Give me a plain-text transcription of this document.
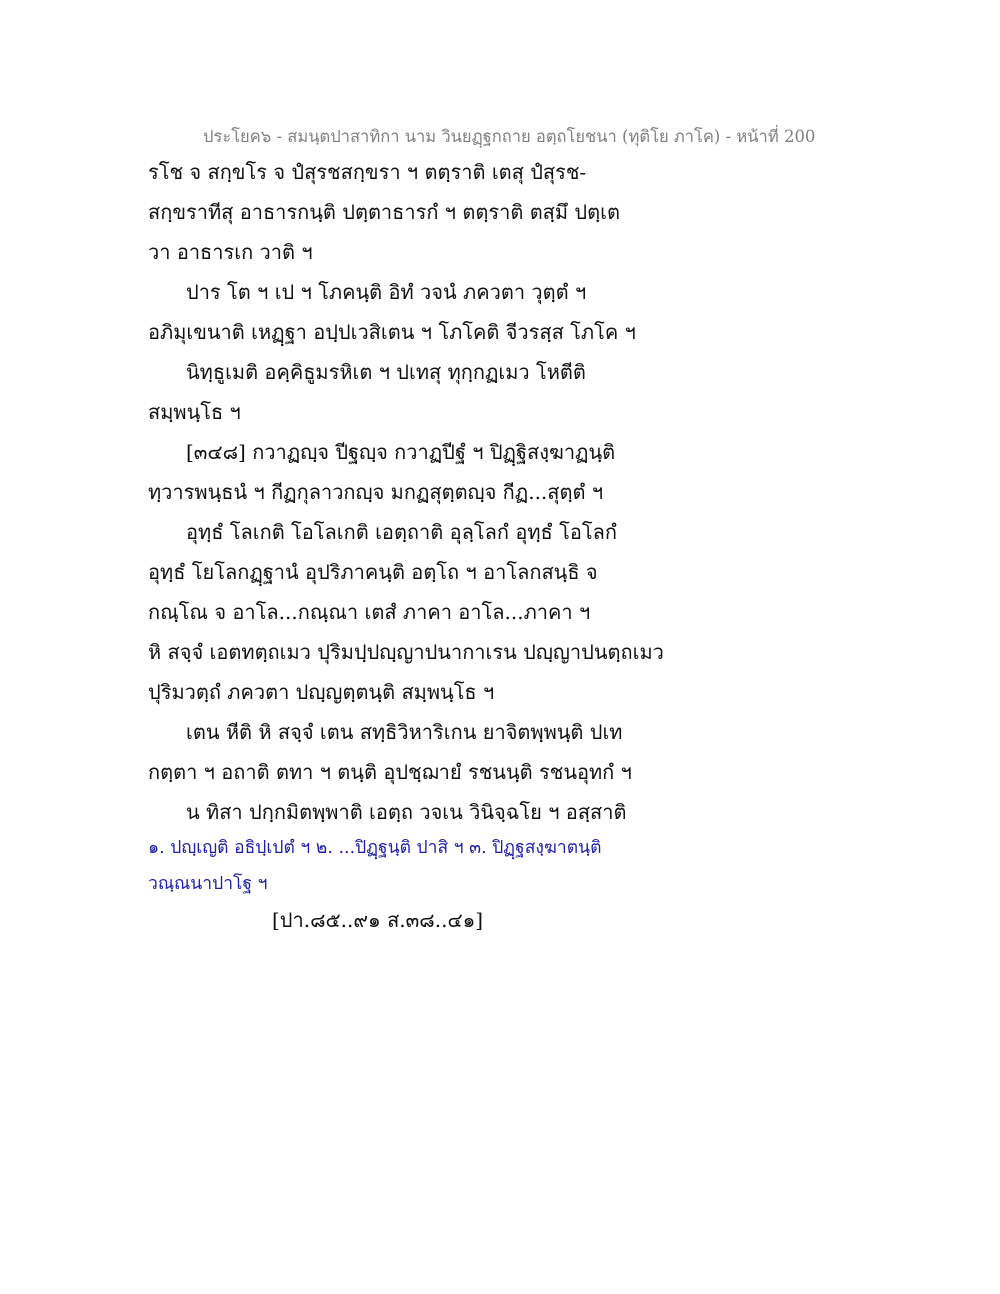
ประโยค๖ - สมนฺตปาสาทิกา นาม วินยฏฺฐกถาย อตฺถโยชนา (ทุติโย ภาโค) - หน้าที่ 200
รโช จ สกฺขโร จ ปํสุรชสกฺขรา ฯ ตตฺราติ เตสุ ปํสุรช-
สกฺขราทีสุ อาธารกนฺติ ปตฺตาธารกํ ฯ ตตฺราติ ตสฺมึ ปตฺเต
วา อาธารเก วาติ ฯ
ปาร โต ฯ เป ฯ โภคนฺติ อิทํ วจนํ ภควตา วุตฺตํ ฯ
อภิมุเขนาติ เหฏฺฐา อปฺปเวสิเตน ฯ โภโคติ จีวรสฺส โภโค ฯ
นิทฺธูเมติ อคฺคิธูมรหิเต ฯ ปเทสุ ทุกฺกฏเมว โหตีติ
สมฺพนฺโธ ฯ
[๓๔๘] กวาฏญฺจ ปีฐญฺจ กวาฏปีฐํ ฯ ปิฏฺฐิสงฺฆาฏนฺติ
ทฺวารพนฺธนํ ฯ กีฏกุลาวกญฺจ มกฏสุตฺตญฺจ กีฏ...สุตฺตํ ฯ
อุทฺธํ โลเกติ โอโลเกติ เอตฺถาติ อุลฺโลกํ อุทฺธํ โอโลกํ
อุทฺธํ โยโลกฏฺฐานํ อุปริภาคนฺติ อตฺโถ ฯ อาโลกสนฺธิ จ
กณฺโณ จ อาโล...กณฺณา เตสํ ภาคา อาโล...ภาคา ฯ
หิ สจฺจํ เอตทตฺถเมว ปุริมปฺปญฺญาปนากาเรน ปญฺญาปนตฺถเมว
ปุริมวตฺถํ ภควตา ปญฺญตฺตนฺติ สมฺพนฺโธ ฯ
เตน หีติ หิ สจฺจํ เตน สทฺธิวิหาริเกน ยาจิตพฺพนฺติ ปเท
กตฺตา ฯ อถาติ ตทา ฯ ตนฺติ อุปชฺฌายํ รชนนฺติ รชนอุทกํ ฯ
น ทิสา ปกฺกมิตพฺพาติ เอตฺถ วจเน วินิจฺฉโย ฯ อสฺสาติ
๑. ปญฺเญติ อธิปฺเปตํ ฯ ๒. ...ปิฏฺฐนฺติ ปาสิ ฯ ๓. ปิฏฺฐสงฺฆาตนฺติ
วณฺณนาปาโฐ ฯ
[ปา.๘๕..๙๑ ส.๓๘..๔๑]
